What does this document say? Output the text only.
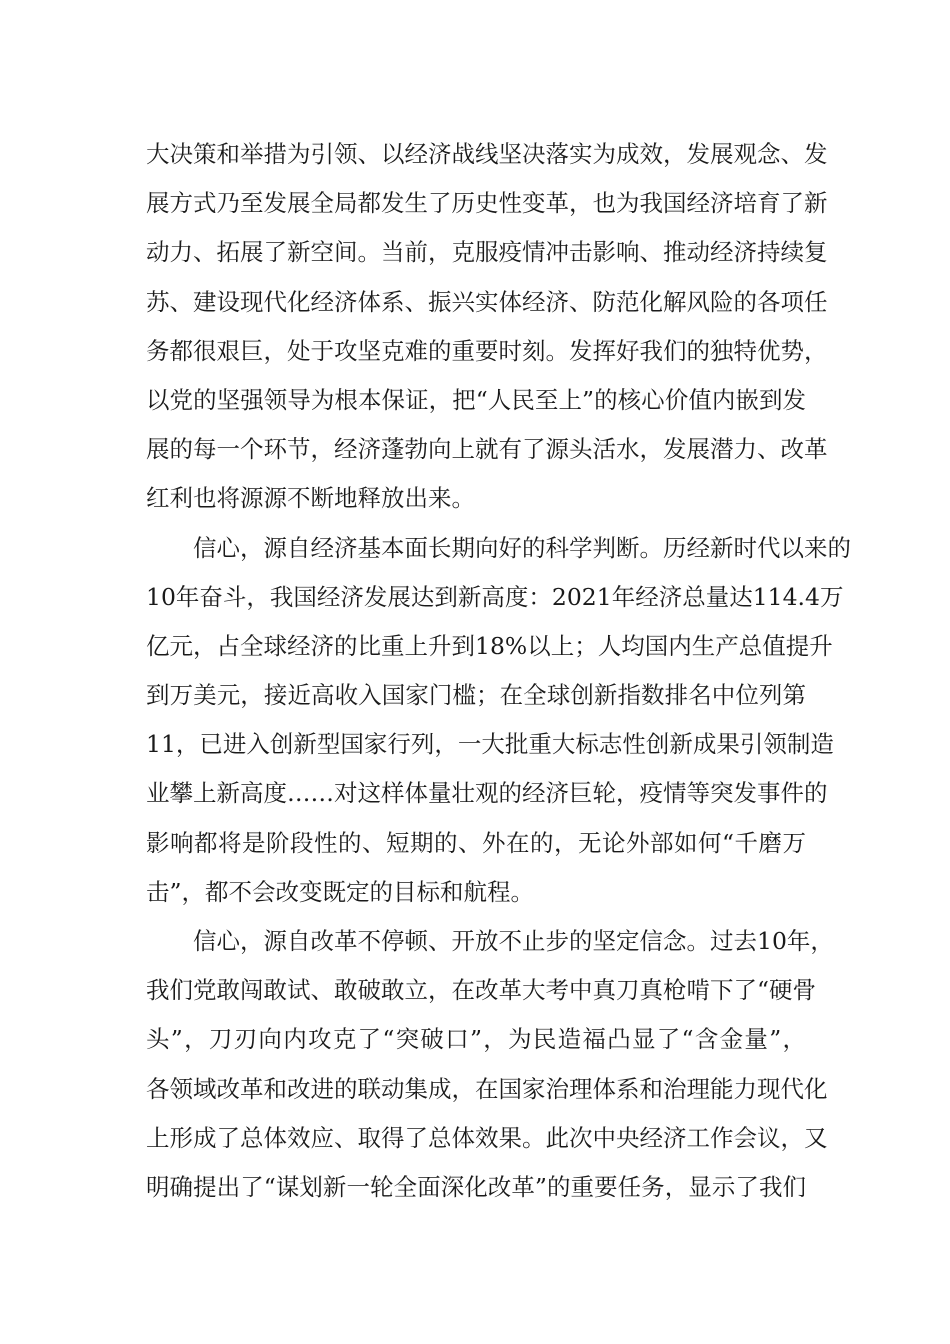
大决策和举措为引领、以经济战线坚决落实为成效，发展观念、发
展方式乃至发展全局都发生了历史性变革，也为我国经济培育了新
动力、拓展了新空间。当前，克服疫情冲击影响、推动经济持续复
苏、建设现代化经济体系、振兴实体经济、防范化解风险的各项任
务都很艰巨，处于攻坚克难的重要时刻。发挥好我们的独特优势，
以党的坚强领导为根本保证，把“人民至上”的核心价值内嵌到发
展的每一个环节，经济蓬勃向上就有了源头活水，发展潜力、改革
红利也将源源不断地释放出来。
信心，源自经济基本面长期向好的科学判断。历经新时代以来的
10年奋斗，我国经济发展达到新高度：2021年经济总量达114.4万
亿元，占全球经济的比重上升到18%以上；人均国内生产总值提升
到万美元，接近高收入国家门槛；在全球创新指数排名中位列第
11，已进入创新型国家行列，一大批重大标志性创新成果引领制造
业攀上新高度……对这样体量壮观的经济巨轮，疫情等突发事件的
影响都将是阶段性的、短期的、外在的，无论外部如何“千磨万
击”，都不会改变既定的目标和航程。
信心，源自改革不停顿、开放不止步的坚定信念。过去10年，
我们党敢闯敢试、敢破敢立，在改革大考中真刀真枪啃下了“硬骨
头”，刀刃向内攻克了“突破口”，为民造福凸显了“含金量”，
各领域改革和改进的联动集成，在国家治理体系和治理能力现代化
上形成了总体效应、取得了总体效果。此次中央经济工作会议，又
明确提出了“谋划新一轮全面深化改革”的重要任务，显示了我们
